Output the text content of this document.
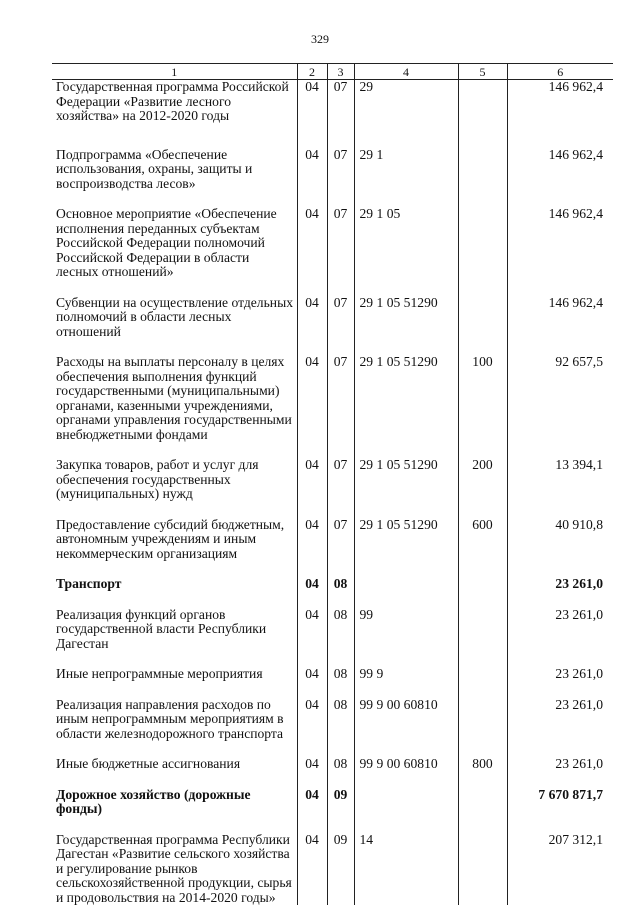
329
1	2	3	4	5	6
Государственная программа Российской Федерации «Развитие лесного хозяйства» на 2012-2020 годы	04	07	29		146 962,4
Подпрограмма «Обеспечение использования, охраны, защиты и воспроизводства лесов»	04	07	29 1		146 962,4
Основное мероприятие «Обеспечение исполнения переданных субъектам Российской Федерации полномочий Российской Федерации в области лесных отношений»	04	07	29 1 05		146 962,4
Субвенции на осуществление отдельных полномочий в области лесных отношений	04	07	29 1 05 51290		146 962,4
Расходы на выплаты персоналу в целях обеспечения выполнения функций государственными (муниципальными) органами, казенными учреждениями, органами управления государственными внебюджетными фондами	04	07	29 1 05 51290	100	92 657,5
Закупка товаров, работ и услуг для обеспечения государственных (муниципальных) нужд	04	07	29 1 05 51290	200	13 394,1
Предоставление субсидий бюджетным, автономным учреждениям и иным некоммерческим организациям	04	07	29 1 05 51290	600	40 910,8
Транспорт	04	08			23 261,0
Реализация функций органов государственной власти Республики Дагестан	04	08	99		23 261,0
Иные непрограммные мероприятия	04	08	99 9		23 261,0
Реализация направления расходов по иным непрограммным мероприятиям в области железнодорожного транспорта	04	08	99 9 00 60810		23 261,0
Иные бюджетные ассигнования	04	08	99 9 00 60810	800	23 261,0
Дорожное хозяйство (дорожные фонды)	04	09			7 670 871,7
Государственная программа Республики Дагестан «Развитие сельского хозяйства и регулирование рынков сельскохозяйственной продукции, сырья и продовольствия на 2014-2020 годы»	04	09	14		207 312,1
